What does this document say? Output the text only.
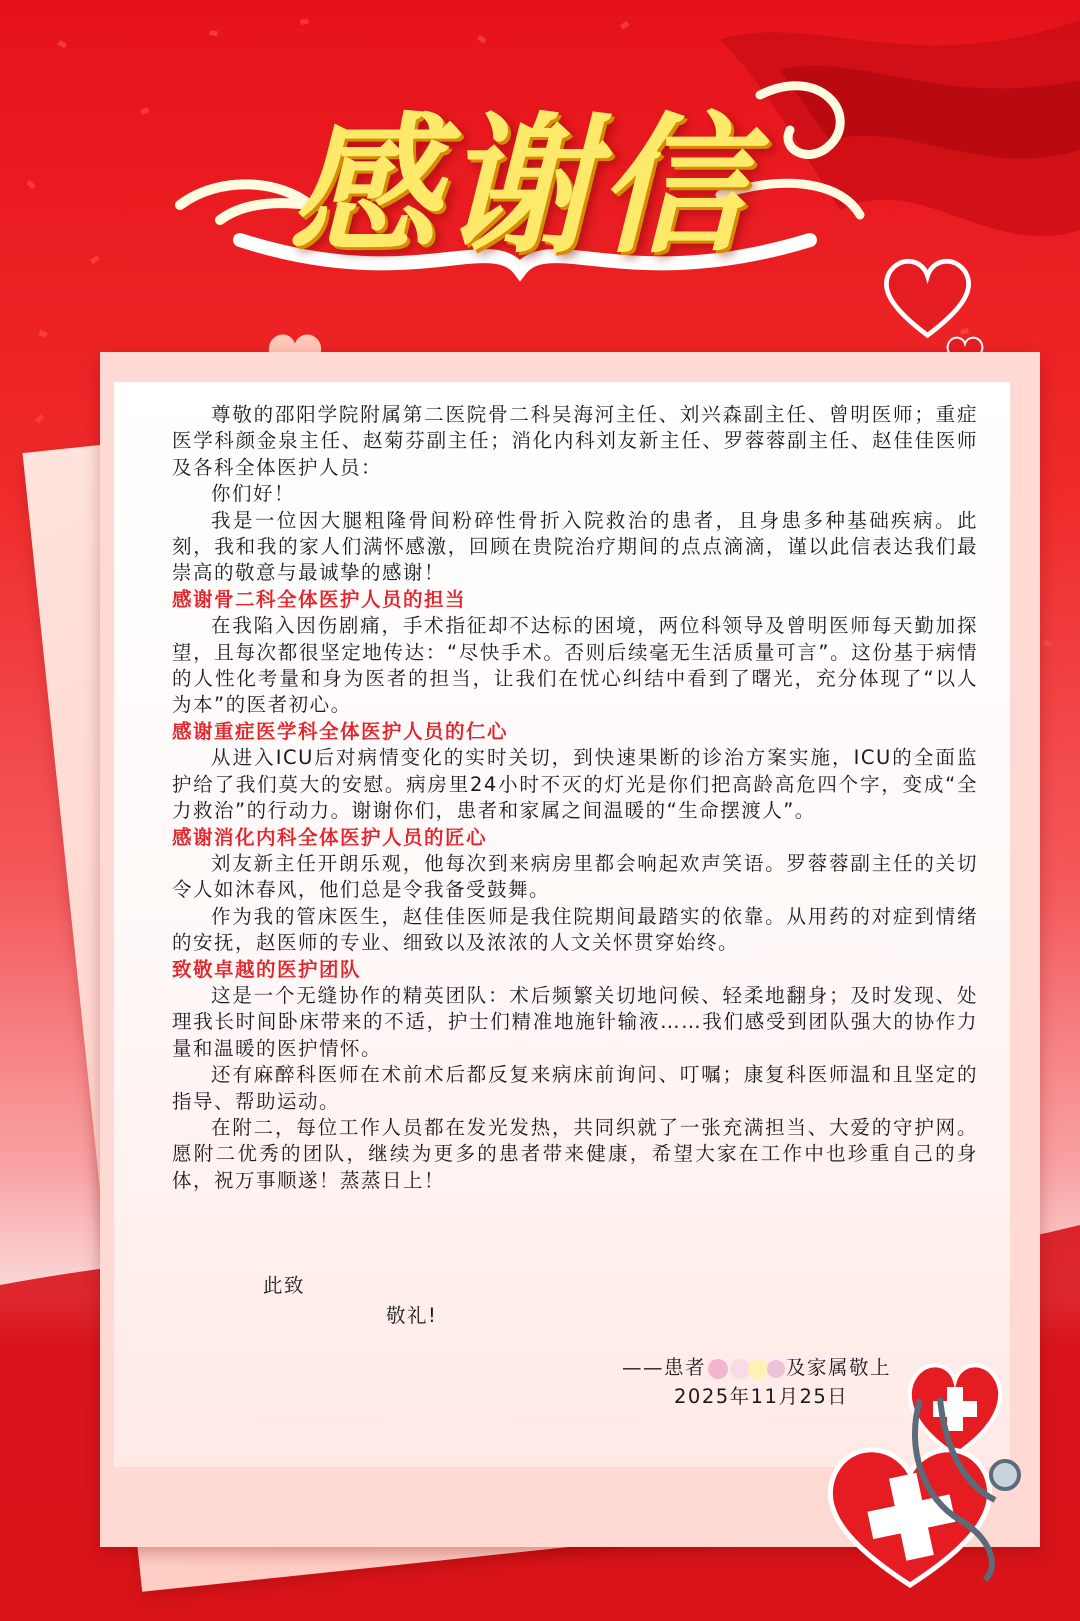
感谢信

尊敬的邵阳学院附属第二医院骨二科吴海河主任、刘兴森副主任、曾明医师；重症医学科颜金泉主任、赵菊芬副主任；消化内科刘友新主任、罗蓉蓉副主任、赵佳佳医师及各科全体医护人员：

你们好！

我是一位因大腿粗隆骨间粉碎性骨折入院救治的患者，且身患多种基础疾病。此刻，我和我的家人们满怀感激，回顾在贵院治疗期间的点点滴滴，谨以此信表达我们最崇高的敬意与最诚挚的感谢！

感谢骨二科全体医护人员的担当

在我陷入因伤剧痛，手术指征却不达标的困境，两位科领导及曾明医师每天勤加探望，且每次都很坚定地传达：“尽快手术。否则后续毫无生活质量可言”。这份基于病情的人性化考量和身为医者的担当，让我们在忧心纠结中看到了曙光，充分体现了“以人为本”的医者初心。

感谢重症医学科全体医护人员的仁心

从进入ICU后对病情变化的实时关切，到快速果断的诊治方案实施，ICU的全面监护给了我们莫大的安慰。病房里24小时不灭的灯光是你们把高龄高危四个字，变成“全力救治”的行动力。谢谢你们，患者和家属之间温暖的“生命摆渡人”。

感谢消化内科全体医护人员的匠心

刘友新主任开朗乐观，他每次到来病房里都会响起欢声笑语。罗蓉蓉副主任的关切令人如沐春风，他们总是令我备受鼓舞。

作为我的管床医生，赵佳佳医师是我住院期间最踏实的依靠。从用药的对症到情绪的安抚，赵医师的专业、细致以及浓浓的人文关怀贯穿始终。

致敬卓越的医护团队

这是一个无缝协作的精英团队：术后频繁关切地问候、轻柔地翻身；及时发现、处理我长时间卧床带来的不适，护士们精准地施针输液……我们感受到团队强大的协作力量和温暖的医护情怀。

还有麻醉科医师在术前术后都反复来病床前询问、叮嘱；康复科医师温和且坚定的指导、帮助运动。

在附二，每位工作人员都在发光发热，共同织就了一张充满担当、大爱的守护网。愿附二优秀的团队，继续为更多的患者带来健康，希望大家在工作中也珍重自己的身体，祝万事顺遂！蒸蒸日上！

此致
敬礼!
——患者	及家属敬上
2025年11月25日
